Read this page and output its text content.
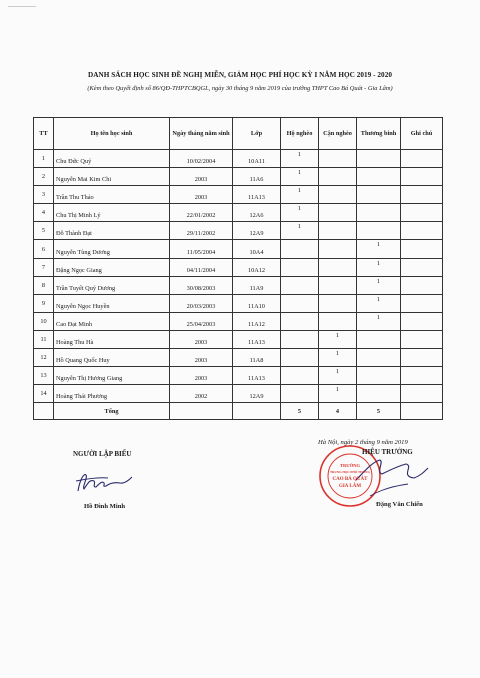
DANH SÁCH HỌC SINH ĐỀ NGHỊ MIỄN, GIẢM HỌC PHÍ HỌC KỲ I NĂM HỌC 2019 - 2020
(Kèm theo Quyết định số 86/QĐ-THPTCBQGL, ngày 30 tháng 9 năm 2019 của trường THPT Cao Bá Quát - Gia Lâm)
TT	Họ tên học sinh	Ngày tháng năm sinh	Lớp	Hộ nghèo	Cận nghèo	Thương binh	Ghi chú
1	Chu Đức Quý	10/02/2004	10A11	1			
2	Nguyễn Mai Kim Chi	2003	11A6	1			
3	Trần Thu Thảo	2003	11A13	1			
4	Chu Thị Minh Lý	22/01/2002	12A6	1			
5	Đỗ Thành Đạt	29/11/2002	12A9	1			
6	Nguyễn Tùng Dương	11/05/2004	10A4			1	
7	Đặng Ngọc Giang	04/11/2004	10A12			1	
8	Trần Tuyết Quý Dương	30/08/2003	11A9			1	
9	Nguyễn Ngọc Huyền	20/03/2003	11A10			1	
10	Cao Đạt Minh	25/04/2003	11A12			1	
11	Hoàng Thu Hà	2003	11A13		1		
12	Hồ Quang Quốc Huy	2003	11A8		1		
13	Nguyễn Thị Hương Giang	2003	11A13		1		
14	Hoàng Thái Phương	2002	12A9		1		
	Tổng			5	4	5	
NGƯỜI LẬP BIỂU
Hồ Đình Minh
TRƯỜNG
TRUNG HỌC PHỔ THÔNG
CAO BÁ QUÁT
GIA LÂM
Hà Nội, ngày 2 tháng 9 năm 2019
HIỆU TRƯỞNG
Đặng Văn Chiến
